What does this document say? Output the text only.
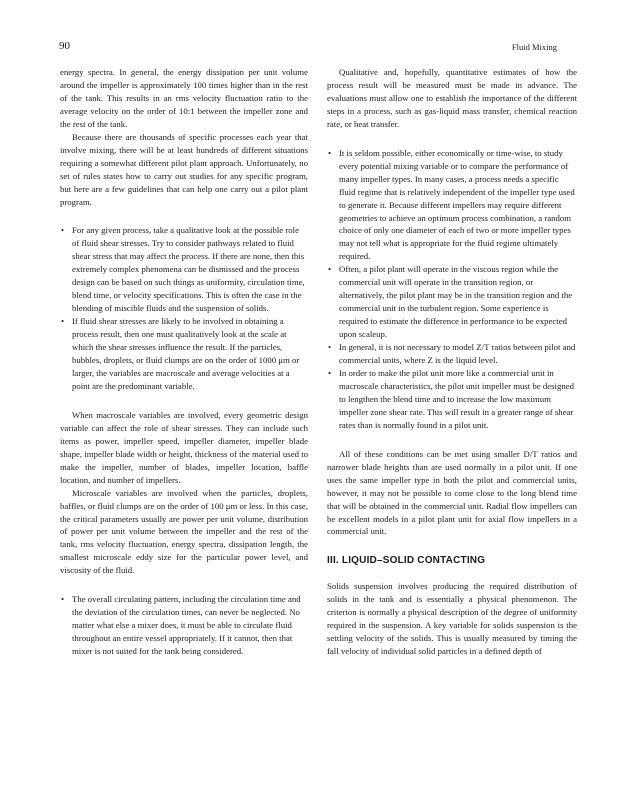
90	Fluid Mixing

energy spectra. In general, the energy dissipation per unit volume around the impeller is approximately 100 times higher than in the rest of the tank. This results in an rms velocity fluctuation ratio to the average velocity on the order of 10:1 between the impeller zone and the rest of the tank.

Because there are thousands of specific processes each year that involve mixing, there will be at least hundreds of different situations requiring a somewhat different pilot plant approach. Unfortunately, no set of rules states how to carry out studies for any specific program, but here are a few guidelines that can help one carry out a pilot plant program.

• For any given process, take a qualitative look at the possible role of fluid shear stresses. Try to consider pathways related to fluid shear stress that may affect the process. If there are none, then this extremely complex phenomena can be dismissed and the process design can be based on such things as uniformity, circulation time, blend time, or velocity specifications. This is often the case in the blending of miscible fluids and the suspension of solids.
• If fluid shear stresses are likely to be involved in obtaining a process result, then one must qualitatively look at the scale at which the shear stresses influence the result. If the particles, bubbles, droplets, or fluid clumps are on the order of 1000 μm or larger, the variables are macroscale and average velocities at a point are the predominant variable.

When macroscale variables are involved, every geometric design variable can affect the role of shear stresses. They can include such items as power, impeller speed, impeller diameter, impeller blade shape, impeller blade width or height, thickness of the material used to make the impeller, number of blades, impeller location, baffle location, and number of impellers.

Microscale variables are involved when the particles, droplets, baffles, or fluid clumps are on the order of 100 μm or less. In this case, the critical parameters usually are power per unit volume, distribution of power per unit volume between the impeller and the rest of the tank, rms velocity fluctuation, energy spectra, dissipation length, the smallest microscale eddy size for the particular power level, and viscosity of the fluid.

• The overall circulating pattern, including the circulation time and the deviation of the circulation times, can never be neglected. No matter what else a mixer does, it must be able to circulate fluid throughout an entire vessel appropriately. If it cannot, then that mixer is not suited for the tank being considered.

Qualitative and, hopefully, quantitative estimates of how the process result will be measured must be made in advance. The evaluations must allow one to establish the importance of the different steps in a process, such as gas-liquid mass transfer, chemical reaction rate, or heat transfer.

• It is seldom possible, either economically or time-wise, to study every potential mixing variable or to compare the performance of many impeller types. In many cases, a process needs a specific fluid regime that is relatively independent of the impeller type used to generate it. Because different impellers may require different geometries to achieve an optimum process combination, a random choice of only one diameter of each of two or more impeller types may not tell what is appropriate for the fluid regime ultimately required.
• Often, a pilot plant will operate in the viscous region while the commercial unit will operate in the transition region, or alternatively, the pilot plant may be in the transition region and the commercial unit in the turbulent region. Some experience is required to estimate the difference in performance to be expected upon scaleup.
• In general, it is not necessary to model Z/T ratios between pilot and commercial units, where Z is the liquid level.
• In order to make the pilot unit more like a commercial unit in macroscale characteristics, the pilot unit impeller must be designed to lengthen the blend time and to increase the low maximum impeller zone shear rate. This will result in a greater range of shear rates than is normally found in a pilot unit.

All of these conditions can be met using smaller D/T ratios and narrower blade heights than are used normally in a pilot unit. If one uses the same impeller type in both the pilot and commercial units, however, it may not be possible to come close to the long blend time that will be obtained in the commercial unit. Radial flow impellers can be excellent models in a pilot plant unit for axial flow impellers in a commercial unit.

III. LIQUID–SOLID CONTACTING

Solids suspension involves producing the required distribution of solids in the tank and is essentially a physical phenomenon. The criterion is normally a physical description of the degree of uniformity required in the suspension. A key variable for solids suspension is the settling velocity of the solids. This is usually measured by timing the fall velocity of individual solid particles in a defined depth of
